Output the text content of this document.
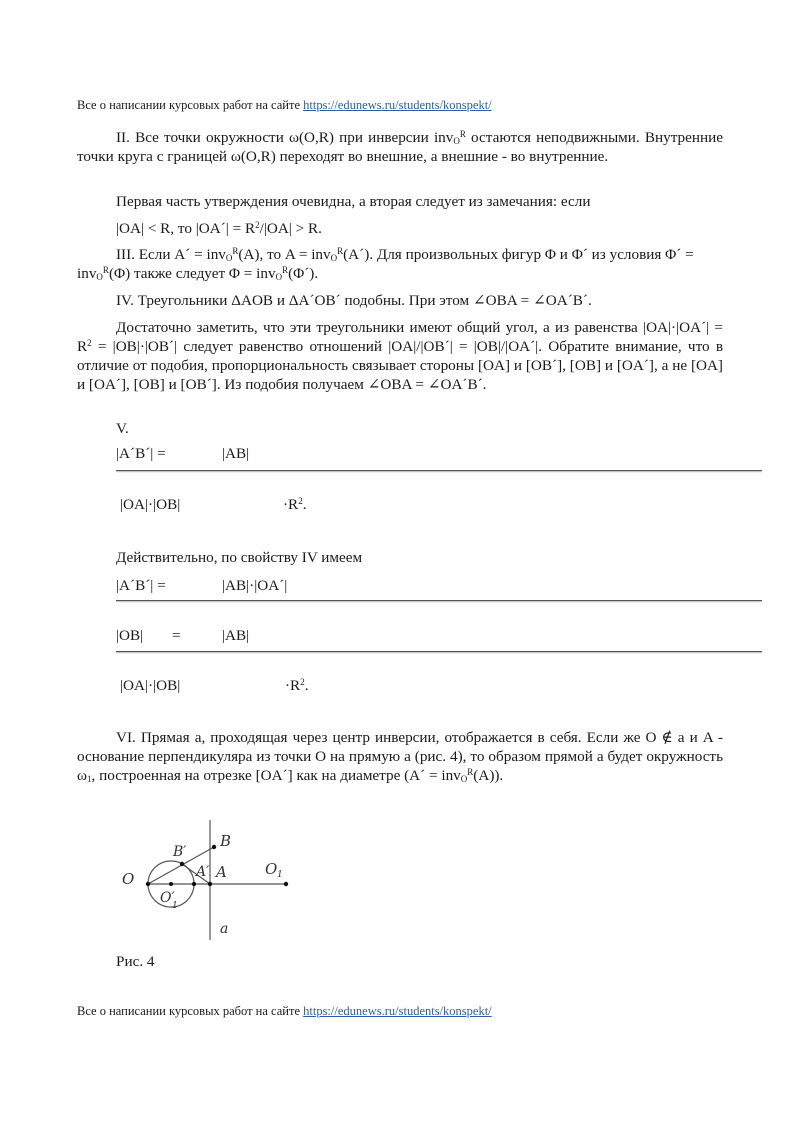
Все о написании курсовых работ на сайте https://edunews.ru/students/konspekt/
II. Все точки окружности ω(O,R) при инверсии inv$_O^R$ остаются неподвижными. Внутренние точки круга с границей ω(O,R) переходят во внешние, а внешние - во внутренние.
Первая часть утверждения очевидна, а вторая следует из замечания: если
|OA| < R, то |OA´| = $R^2/|OA| > R$.
III. Если A´ = inv$_O^R$(A), то A = inv$_O^R$(A´). Для произвольных фигур Φ и Φ´ из условия Φ´ = inv$_O^R$(Φ) также следует Φ = inv$_O^R$(Φ´).
IV. Треугольники ΔAOB и ΔA´OB´ подобны. При этом ∠OBA = ∠OA´B´.
Достаточно заметить, что эти треугольники имеют общий угол, а из равенства |OA|·|OA´| = $R^2$ = |OB|·|OB´| следует равенство отношений |OA|/|OB´| = |OB|/|OA´|. Обратите внимание, что в отличие от подобия, пропорциональность связывает стороны [OA] и [OB´], [OB] и [OA´], а не [OA] и [OA´], [OB] и [OB´]. Из подобия получаем ∠OBA = ∠OA´B´.
V.
|A´B´| =	|AB|
|OA|·|OB|	$\cdot R^2$.
Действительно, по свойству IV имеем
|A´B´| =	|AB|·|OA´|
|OB| =	|AB|
|OA|·|OB|	$\cdot R^2$.
VI. Прямая a, проходящая через центр инверсии, отображается в себя. Если же O ∉ a и A - основание перпендикуляра из точки O на прямую a (рис. 4), то образом прямой a будет окружность $\omega_1$, построенная на отрезке [OA´] как на диаметре (A´ = inv$_O^R$(A)).
O
B
B′
A′ A	O 1
O′
1
a
Рис. 4
Все о написании курсовых работ на сайте https://edunews.ru/students/konspekt/
